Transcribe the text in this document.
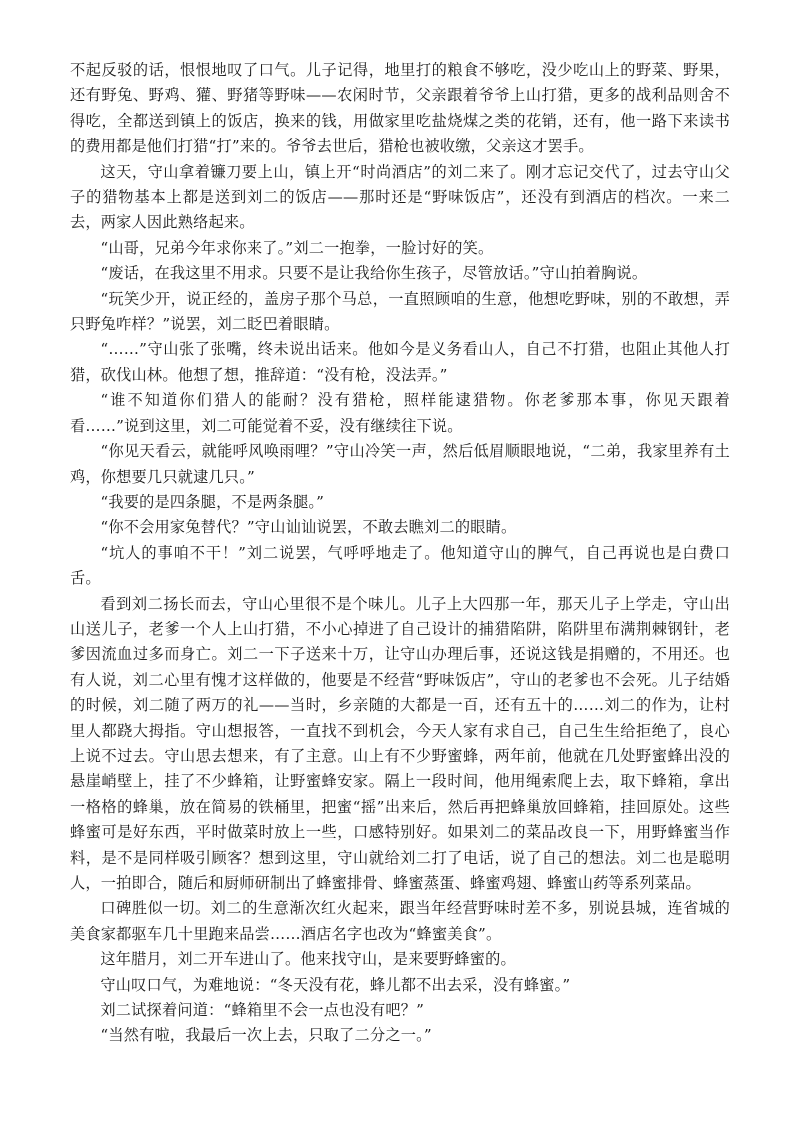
不起反驳的话，恨恨地叹了口气。儿子记得，地里打的粮食不够吃，没少吃山上的野菜、野果，还有野兔、野鸡、獾、野猪等野味——农闲时节，父亲跟着爷爷上山打猎，更多的战利品则舍不得吃，全都送到镇上的饭店，换来的钱，用做家里吃盐烧煤之类的花销，还有，他一路下来读书的费用都是他们打猎“打”来的。爷爷去世后，猎枪也被收缴，父亲这才罢手。

这天，守山拿着镰刀要上山，镇上开“时尚酒店”的刘二来了。刚才忘记交代了，过去守山父子的猎物基本上都是送到刘二的饭店——那时还是“野味饭店”，还没有到酒店的档次。一来二去，两家人因此熟络起来。

“山哥，兄弟今年求你来了。”刘二一抱拳，一脸讨好的笑。

“废话，在我这里不用求。只要不是让我给你生孩子，尽管放话。”守山拍着胸说。

“玩笑少开，说正经的，盖房子那个马总，一直照顾咱的生意，他想吃野味，别的不敢想，弄只野兔咋样？”说罢，刘二眨巴着眼睛。

“……”守山张了张嘴，终未说出话来。他如今是义务看山人，自己不打猎，也阻止其他人打猎，砍伐山林。他想了想，推辞道：“没有枪，没法弄。”

“谁不知道你们猎人的能耐？没有猎枪，照样能逮猎物。你老爹那本事，你见天跟着看……”说到这里，刘二可能觉着不妥，没有继续往下说。

“你见天看云，就能呼风唤雨哩？”守山冷笑一声，然后低眉顺眼地说，“二弟，我家里养有土鸡，你想要几只就逮几只。”

“我要的是四条腿，不是两条腿。”

“你不会用家兔替代？”守山讪讪说罢，不敢去瞧刘二的眼睛。

“坑人的事咱不干！”刘二说罢，气呼呼地走了。他知道守山的脾气，自己再说也是白费口舌。

看到刘二扬长而去，守山心里很不是个味儿。儿子上大四那一年，那天儿子上学走，守山出山送儿子，老爹一个人上山打猎，不小心掉进了自己设计的捕猎陷阱，陷阱里布满荆棘钢针，老爹因流血过多而身亡。刘二一下子送来十万，让守山办理后事，还说这钱是捐赠的，不用还。也有人说，刘二心里有愧才这样做的，他要是不经营“野味饭店”，守山的老爹也不会死。儿子结婚的时候，刘二随了两万的礼——当时，乡亲随的大都是一百，还有五十的……刘二的作为，让村里人都跷大拇指。守山想报答，一直找不到机会，今天人家有求自己，自己生生给拒绝了，良心上说不过去。守山思去想来，有了主意。山上有不少野蜜蜂，两年前，他就在几处野蜜蜂出没的悬崖峭壁上，挂了不少蜂箱，让野蜜蜂安家。隔上一段时间，他用绳索爬上去，取下蜂箱，拿出一格格的蜂巢，放在简易的铁桶里，把蜜“摇”出来后，然后再把蜂巢放回蜂箱，挂回原处。这些蜂蜜可是好东西，平时做菜时放上一些，口感特别好。如果刘二的菜品改良一下，用野蜂蜜当作料，是不是同样吸引顾客？想到这里，守山就给刘二打了电话，说了自己的想法。刘二也是聪明人，一拍即合，随后和厨师研制出了蜂蜜排骨、蜂蜜蒸蛋、蜂蜜鸡翅、蜂蜜山药等系列菜品。

口碑胜似一切。刘二的生意渐次红火起来，跟当年经营野味时差不多，别说县城，连省城的美食家都驱车几十里跑来品尝……酒店名字也改为“蜂蜜美食”。

这年腊月，刘二开车进山了。他来找守山，是来要野蜂蜜的。

守山叹口气，为难地说：“冬天没有花，蜂儿都不出去采，没有蜂蜜。”

刘二试探着问道：“蜂箱里不会一点也没有吧？”

“当然有啦，我最后一次上去，只取了二分之一。”
